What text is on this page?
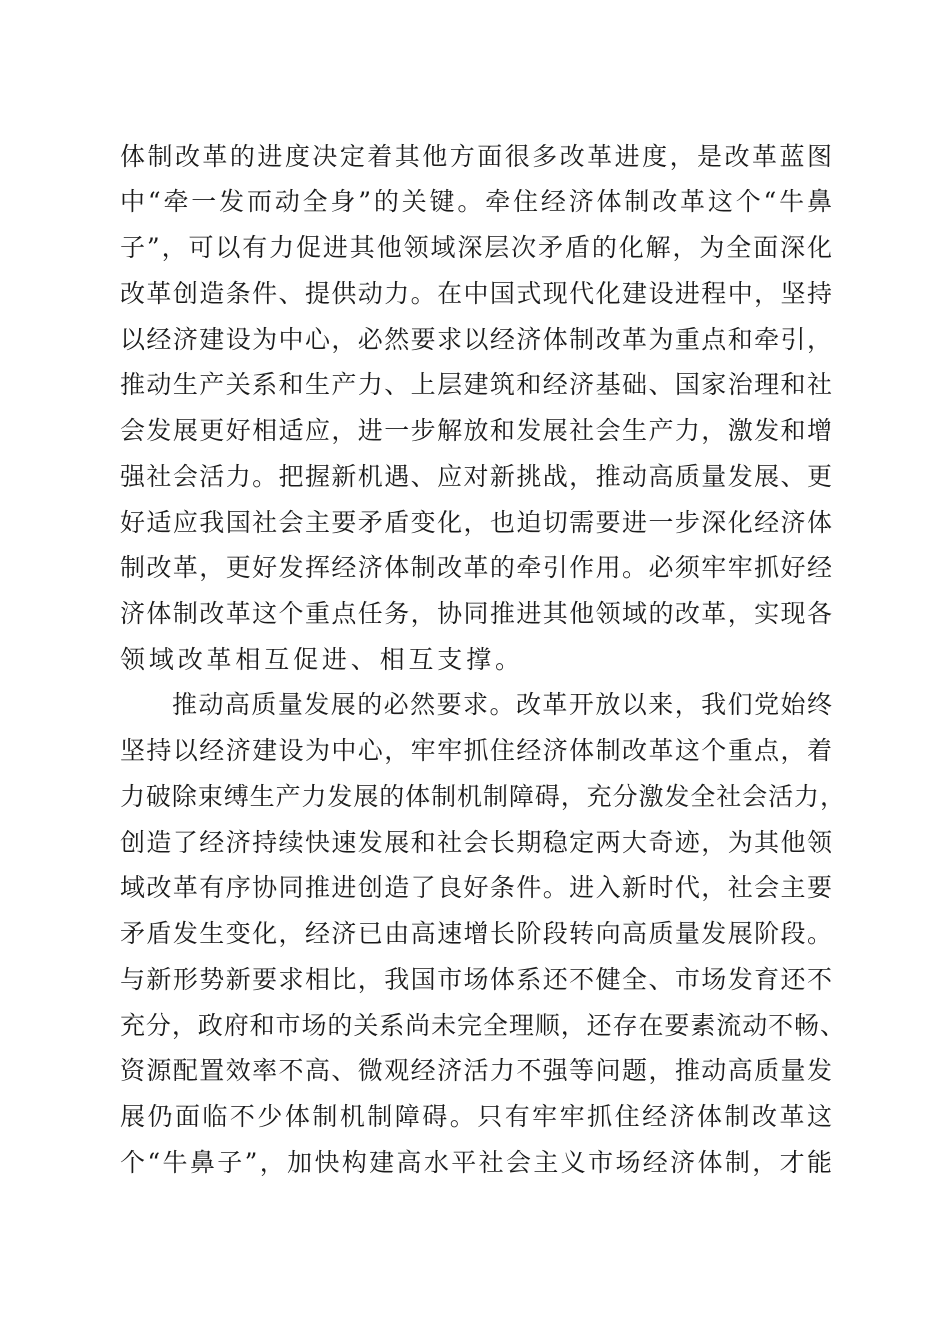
体制改革的进度决定着其他方面很多改革进度，是改革蓝图
中“牵一发而动全身”的关键。牵住经济体制改革这个“牛鼻
子”，可以有力促进其他领域深层次矛盾的化解，为全面深化
改革创造条件、提供动力。在中国式现代化建设进程中，坚持
以经济建设为中心，必然要求以经济体制改革为重点和牵引，
推动生产关系和生产力、上层建筑和经济基础、国家治理和社
会发展更好相适应，进一步解放和发展社会生产力，激发和增
强社会活力。把握新机遇、应对新挑战，推动高质量发展、更
好适应我国社会主要矛盾变化，也迫切需要进一步深化经济体
制改革，更好发挥经济体制改革的牵引作用。必须牢牢抓好经
济体制改革这个重点任务，协同推进其他领域的改革，实现各
领域改革相互促进、相互支撑。
推动高质量发展的必然要求。改革开放以来，我们党始终
坚持以经济建设为中心，牢牢抓住经济体制改革这个重点，着
力破除束缚生产力发展的体制机制障碍，充分激发全社会活力，
创造了经济持续快速发展和社会长期稳定两大奇迹，为其他领
域改革有序协同推进创造了良好条件。进入新时代，社会主要
矛盾发生变化，经济已由高速增长阶段转向高质量发展阶段。
与新形势新要求相比，我国市场体系还不健全、市场发育还不
充分，政府和市场的关系尚未完全理顺，还存在要素流动不畅、
资源配置效率不高、微观经济活力不强等问题，推动高质量发
展仍面临不少体制机制障碍。只有牢牢抓住经济体制改革这
个“牛鼻子”，加快构建高水平社会主义市场经济体制，才能
